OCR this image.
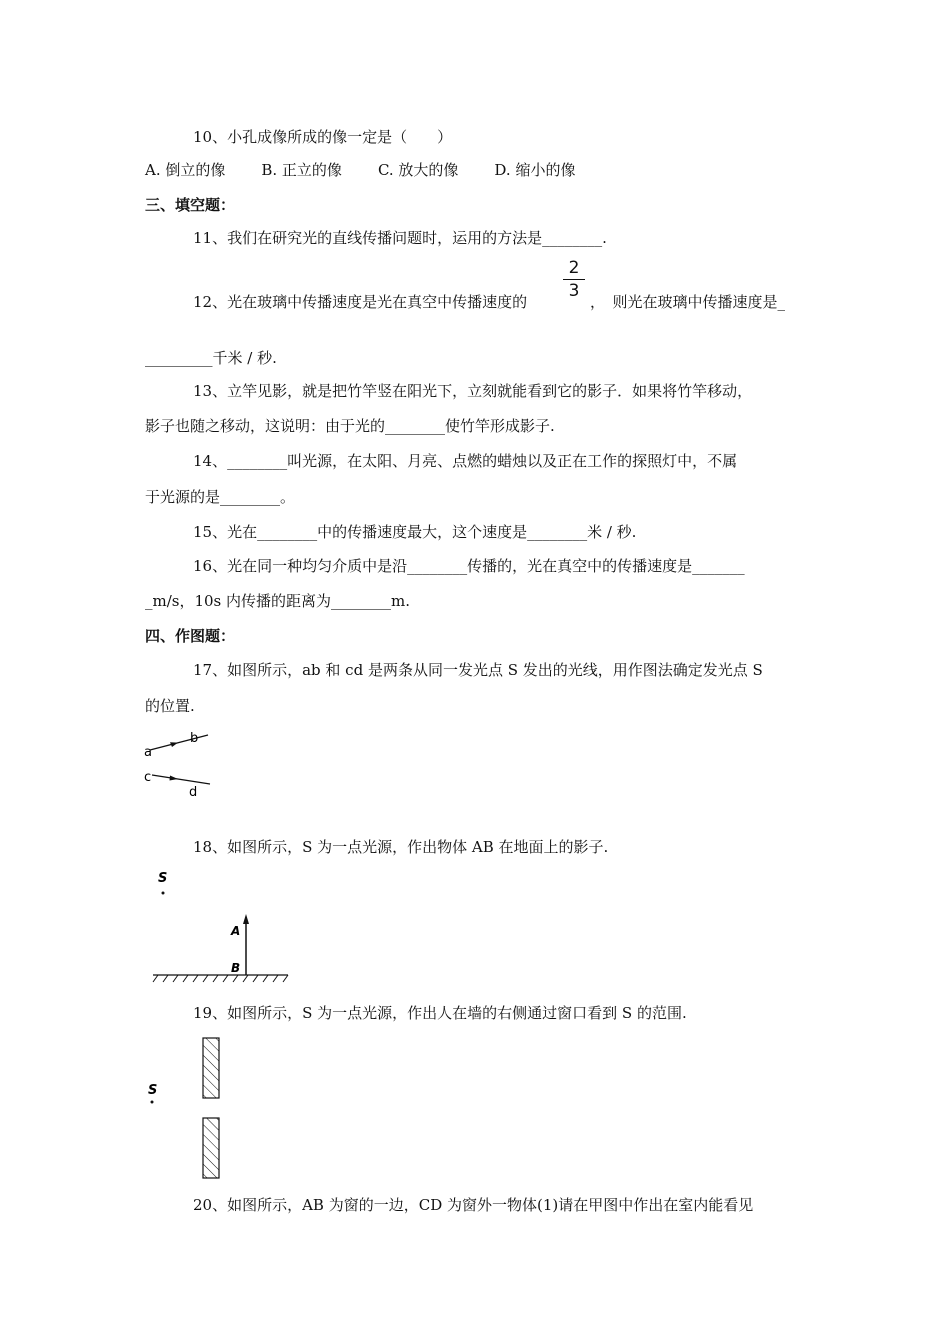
10、小孔成像所成的像一定是（　　）
A. 倒立的像 B. 正立的像 C. 放大的像 D. 缩小的像
三、填空题：
11、我们在研究光的直线传播问题时，运用的方法是________.
12、光在玻璃中传播速度是光在真空中传播速度的
2
3
，　则光在玻璃中传播速度是_
_________千米 / 秒.
13、立竿见影，就是把竹竿竖在阳光下，立刻就能看到它的影子．如果将竹竿移动，
影子也随之移动，这说明：由于光的________使竹竿形成影子.
14、________叫光源，在太阳、月亮、点燃的蜡烛以及正在工作的探照灯中，不属
于光源的是________。
15、光在________中的传播速度最大，这个速度是________米 / 秒.
16、光在同一种均匀介质中是沿________传播的，光在真空中的传播速度是_______
_m/s，10s 内传播的距离为________m.
四、作图题：
17、如图所示，ab 和 cd 是两条从同一发光点 S 发出的光线，用作图法确定发光点 S
的位置.
a
b
c
d
18、如图所示，S 为一点光源，作出物体 AB 在地面上的影子.
S
A
B
19、如图所示，S 为一点光源，作出人在墙的右侧通过窗口看到 S 的范围.
S
20、如图所示，AB 为窗的一边，CD 为窗外一物体(1)请在甲图中作出在室内能看见
